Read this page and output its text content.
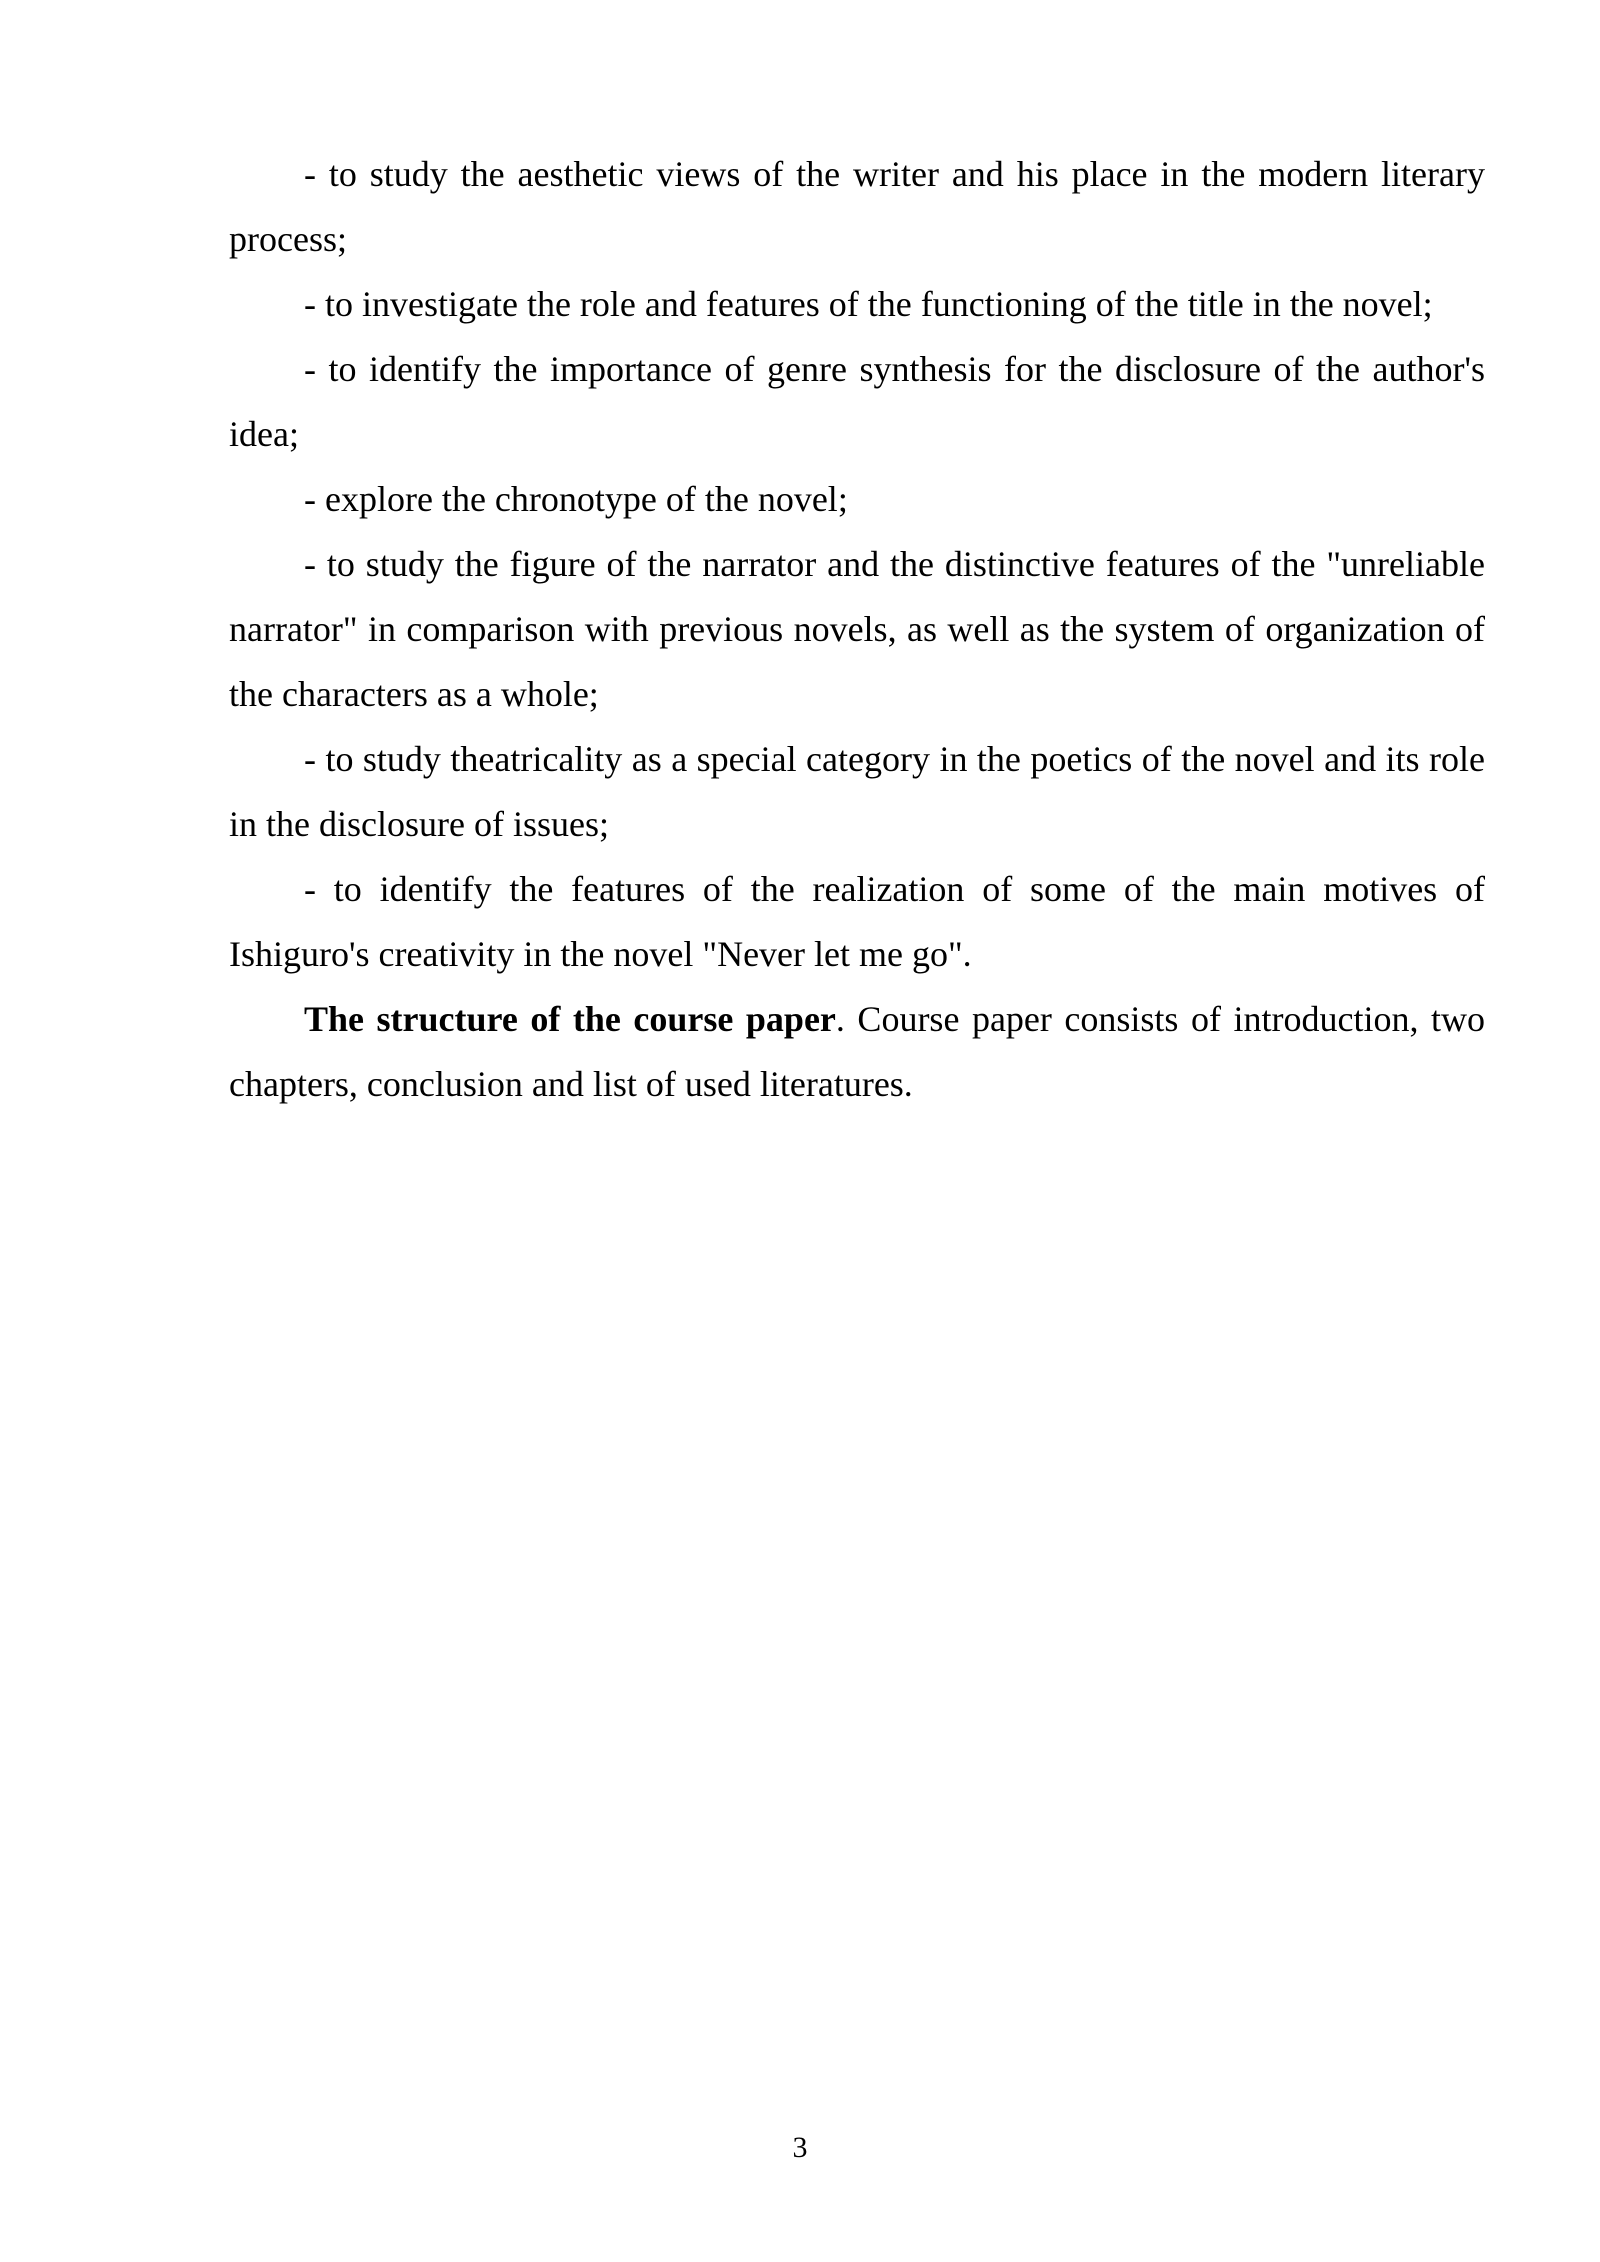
- to study the aesthetic views of the writer and his place in the modern literary process;

- to investigate the role and features of the functioning of the title in the novel;

- to identify the importance of genre synthesis for the disclosure of the author's idea;

- explore the chronotype of the novel;

- to study the figure of the narrator and the distinctive features of the "unreliable narrator" in comparison with previous novels, as well as the system of organization of the characters as a whole;

- to study theatricality as a special category in the poetics of the novel and its role in the disclosure of issues;

- to identify the features of the realization of some of the main motives of Ishiguro's creativity in the novel "Never let me go".

The structure of the course paper. Course paper consists of introduction, two chapters, conclusion and list of used literatures.

3
